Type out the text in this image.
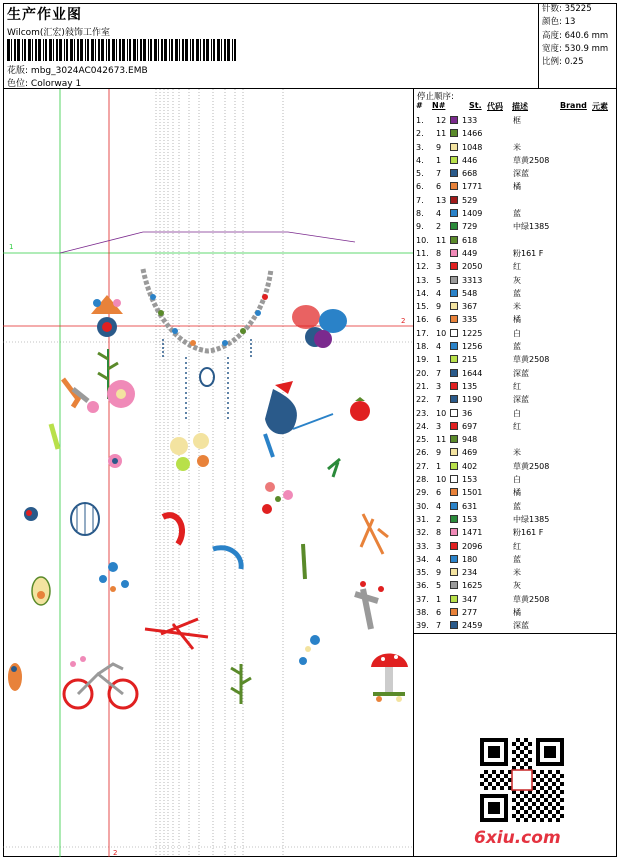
生产作业图
Wilcom(汇宏)敍饰工作室
花版: mbg_3024AC042673.EMB
色位: Colorway 1
针数: 35225
颜色: 13
高度: 640.6 mm
宽度: 530.9 mm
比例: 0.25
1
2
2
停止顺序:
# N#	St. 代码 描述	Brand 元素
1. 12 133	框
2. 11 1466
3. 9	1048	米
4. 1	446	草黄2508
5. 7	668	深蓝
6. 6	1771	橘
7. 13 529
8. 4	1409	蓝
9. 2	729	中绿1385
10. 11 618
11. 8	449	粉161 F
12. 3	2050	红
13. 5	3313	灰
14. 4	548	蓝
15. 9	367	米
16. 6	335	橘
17. 10 1225	白
18. 4	1256	蓝
19. 1	215	草黄2508
20. 7	1644	深蓝
21. 3	135	红
22. 7	1190	深蓝
23. 10 36	白
24. 3	697	红
25. 11 948
26. 9	469	米
27. 1	402	草黄2508
28. 10 153	白
29. 6	1501	橘
30. 4	631	蓝
31. 2	153	中绿1385
32. 8	1471	粉161 F
33. 3	2096	红
34. 4	180	蓝
35. 9	234	米
36. 5	1625	灰
37. 1	347	草黄2508
38. 6	277	橘
39. 7	2459	深蓝
6xiu.com
